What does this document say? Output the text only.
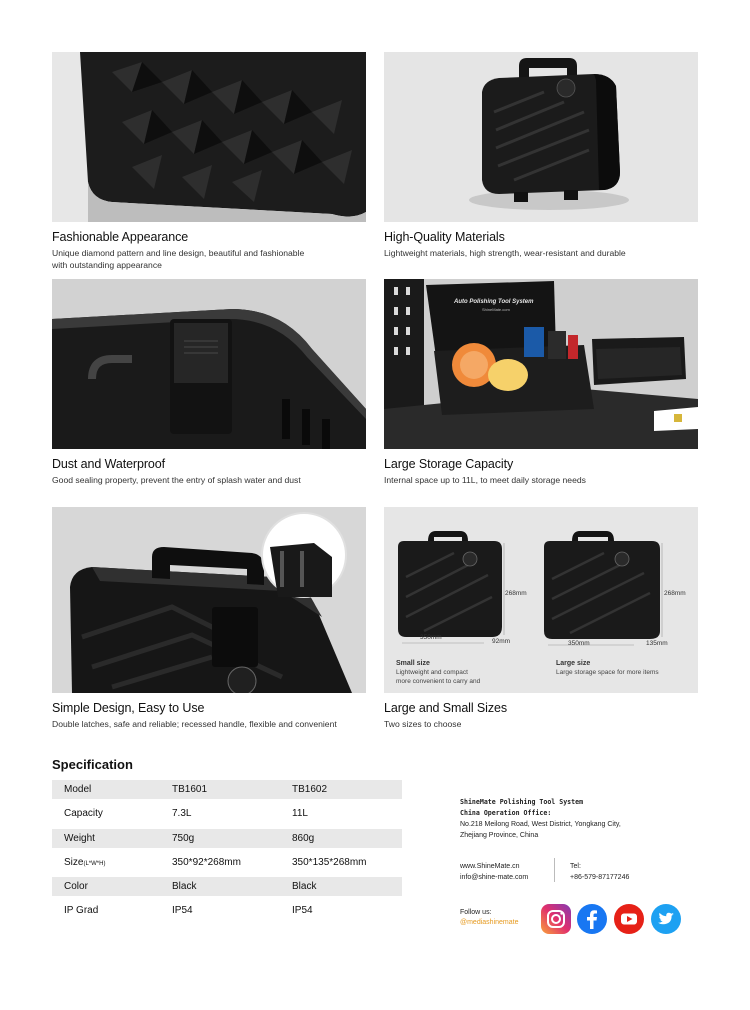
Fashionable Appearance
Unique diamond pattern and line design, beautiful and fashionable
with outstanding appearance
High-Quality Materials
Lightweight materials, high strength, wear-resistant and durable
Dust and Waterproof
Good sealing property, prevent the entry of splash water and dust
Auto Polishing Tool System
ShineMate.com
Large Storage Capacity
Internal space up to 11L, to meet daily storage needs
Simple Design, Easy to Use
Double latches, safe and reliable; recessed handle, flexible and convenient
268mm
350mm
92mm
268mm
350mm	135mm
Small size
Lightweight and compact
more convenient to carry and
Large size
Large storage space for more items
Large and Small Sizes
Two sizes to choose
Specification
Model	TB1601	TB1602
Capacity	7.3L	11L
Weight	750g	860g
Size(L*W*H)	350*92*268mm	350*135*268mm
Color	Black	Black
IP Grad	IP54	IP54
ShineMate Polishing Tool System
China Operation Office:
No.218 Meilong Road, West District, Yongkang City,
Zhejiang Province, China
www.ShineMate.cn
info@shine-mate.com
Tel:
+86-579-87177246
Follow us:
@mediashinemate
